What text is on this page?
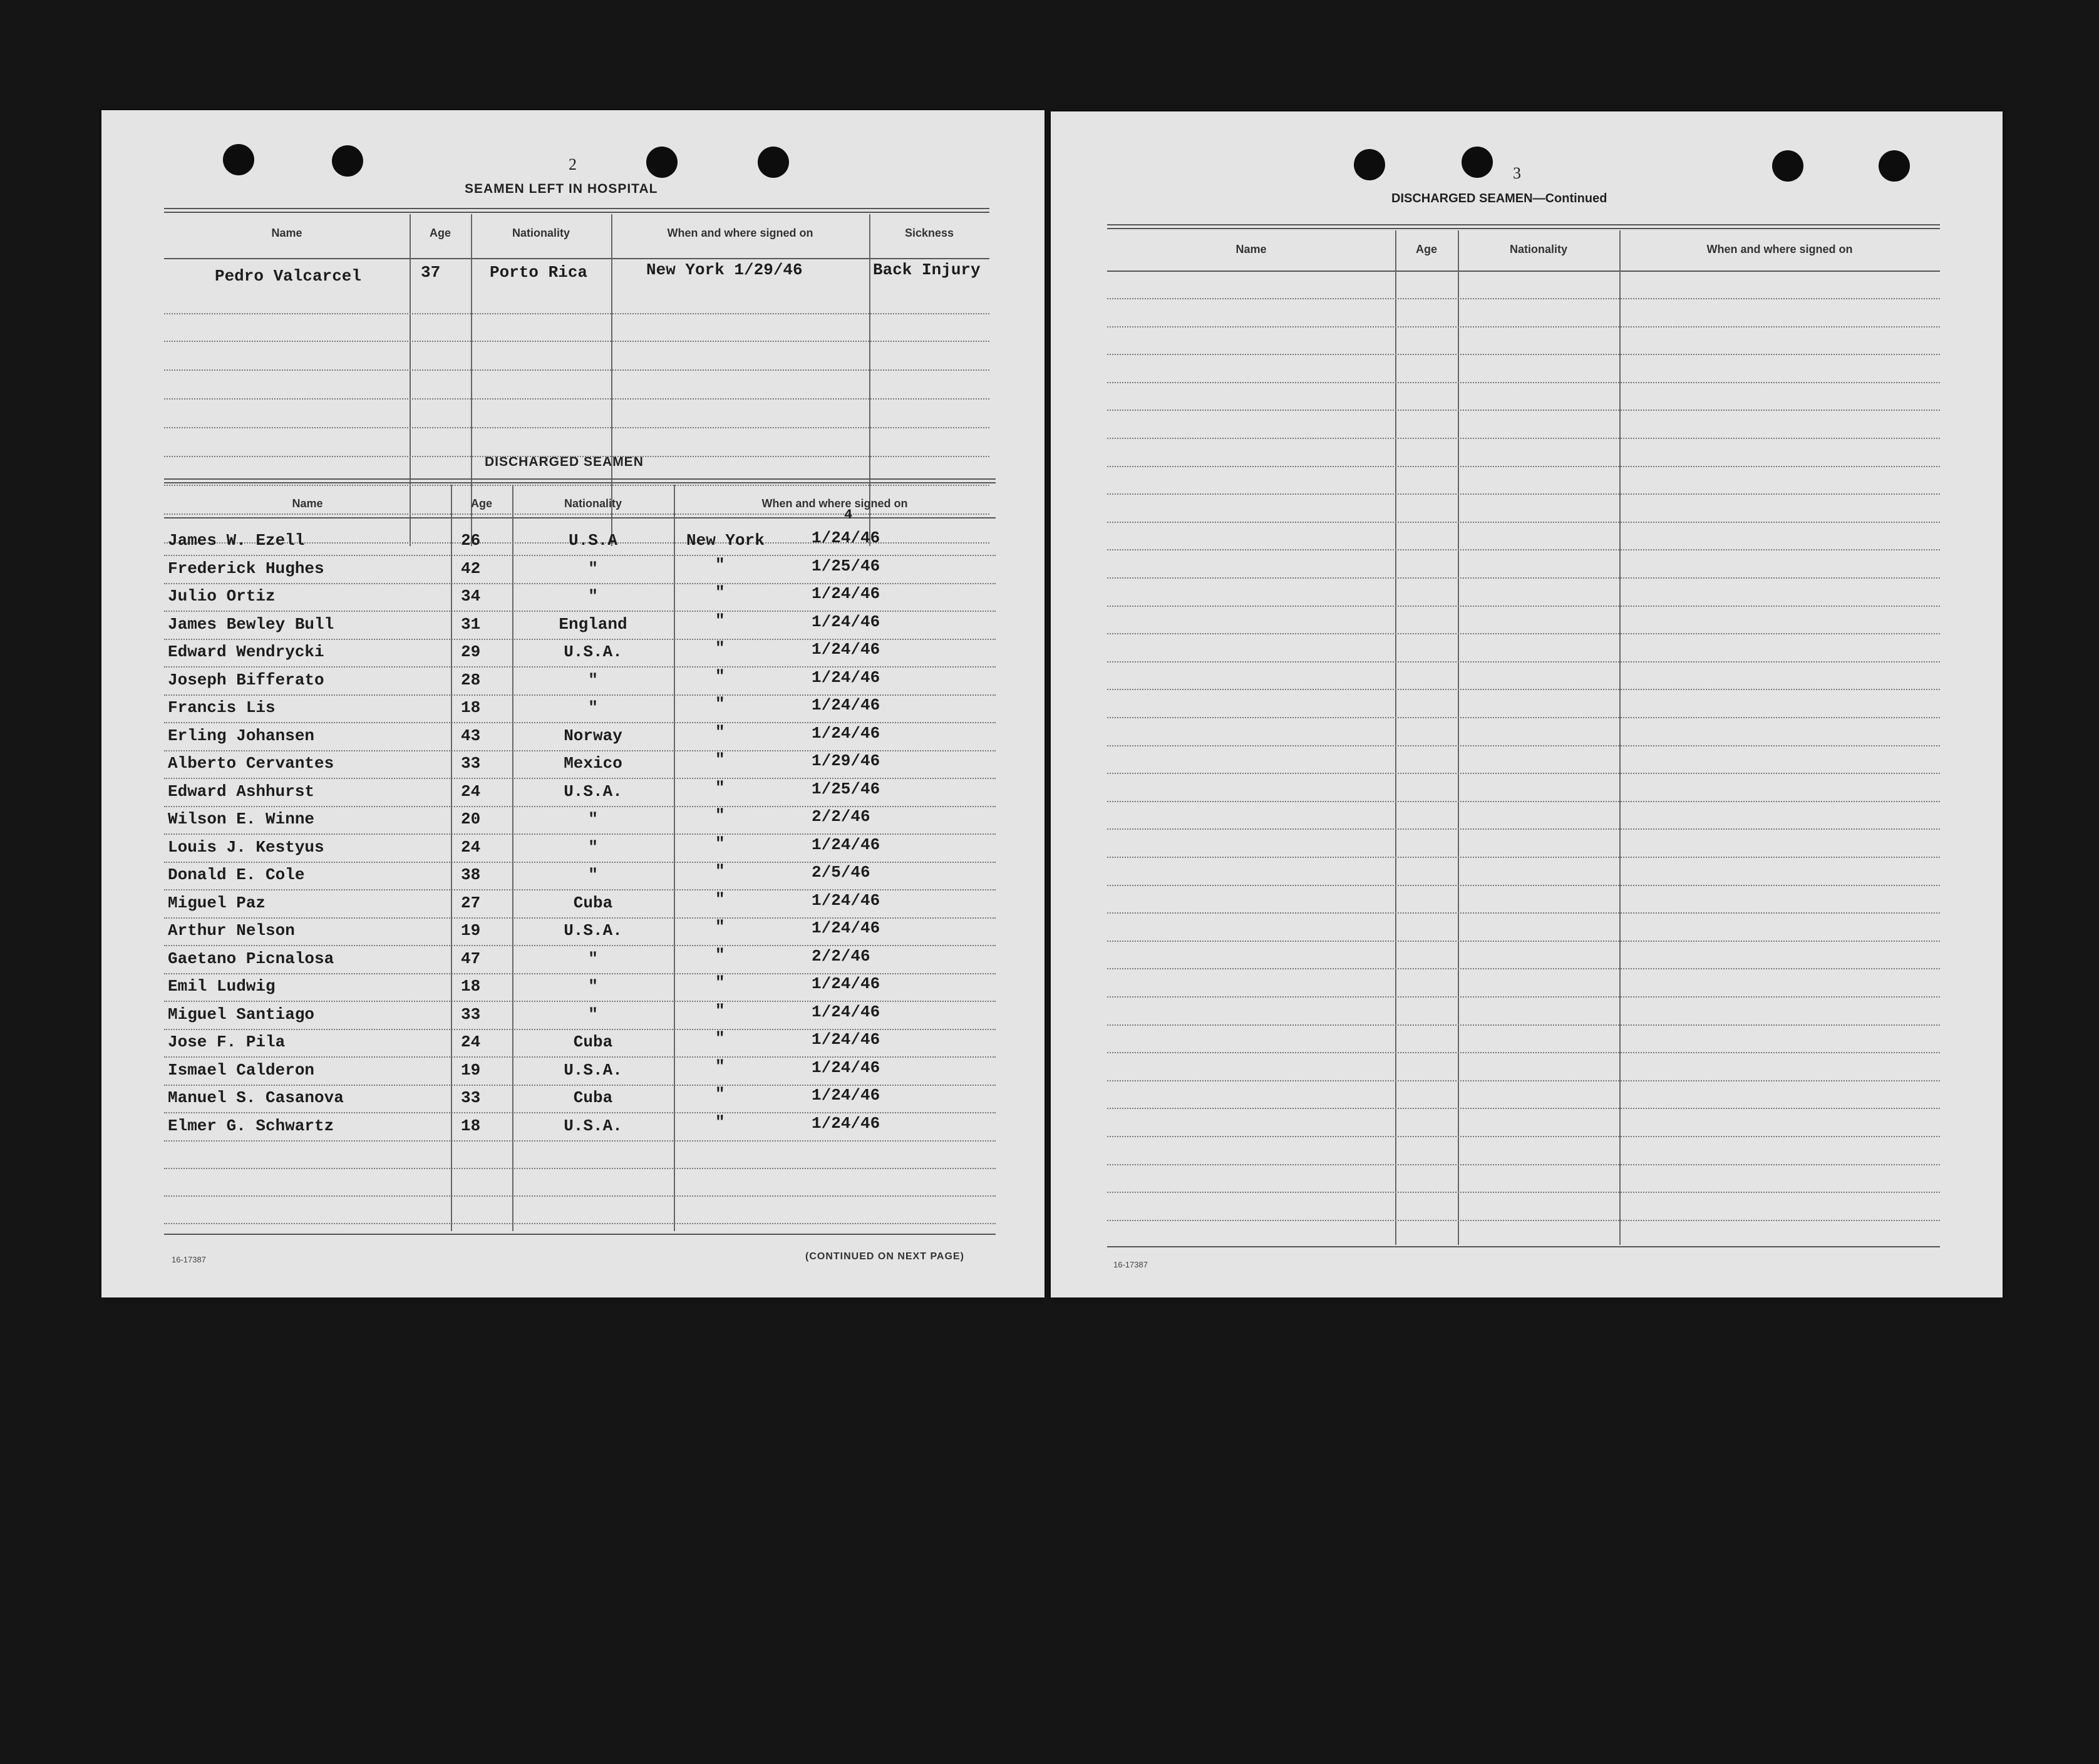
2
SEAMEN LEFT IN HOSPITAL
DISCHARGED SEAMEN
16-17387	(CONTINUED ON NEXT PAGE)
Name	Age	Nationality	When and where signed on	Sickness
Pedro Valcarcel	37	Porto Rica	New York 1/29/46	Back Injury
Name	Age	Nationality	When and where signed on
4
James W. Ezell	26	U.S.A	New York	1/24/46
Frederick Hughes	42	"	"	1/25/46
Julio Ortiz	34	"	"	1/24/46
James Bewley Bull	31	England	"	1/24/46
Edward Wendrycki	29	U.S.A.	"	1/24/46
Joseph Bifferato	28	"	"	1/24/46
Francis Lis	18	"	"	1/24/46
Erling Johansen	43	Norway	"	1/24/46
Alberto Cervantes	33	Mexico	"	1/29/46
Edward Ashhurst	24	U.S.A.	"	1/25/46
Wilson E. Winne	20	"	"	2/2/46
Louis J. Kestyus	24	"	"	1/24/46
Donald E. Cole	38	"	"	2/5/46
Miguel Paz	27	Cuba	"	1/24/46
Arthur Nelson	19	U.S.A.	"	1/24/46
Gaetano Picnalosa	47	"	"	2/2/46
Emil Ludwig	18	"	"	1/24/46
Miguel Santiago	33	"	"	1/24/46
Jose F. Pila	24	Cuba	"	1/24/46
Ismael Calderon	19	U.S.A.	"	1/24/46
Manuel S. Casanova	33	Cuba	"	1/24/46
Elmer G. Schwartz	18	U.S.A.	"	1/24/46
3
DISCHARGED SEAMEN—Continued
16-17387
Name	Age	Nationality	When and where signed on
